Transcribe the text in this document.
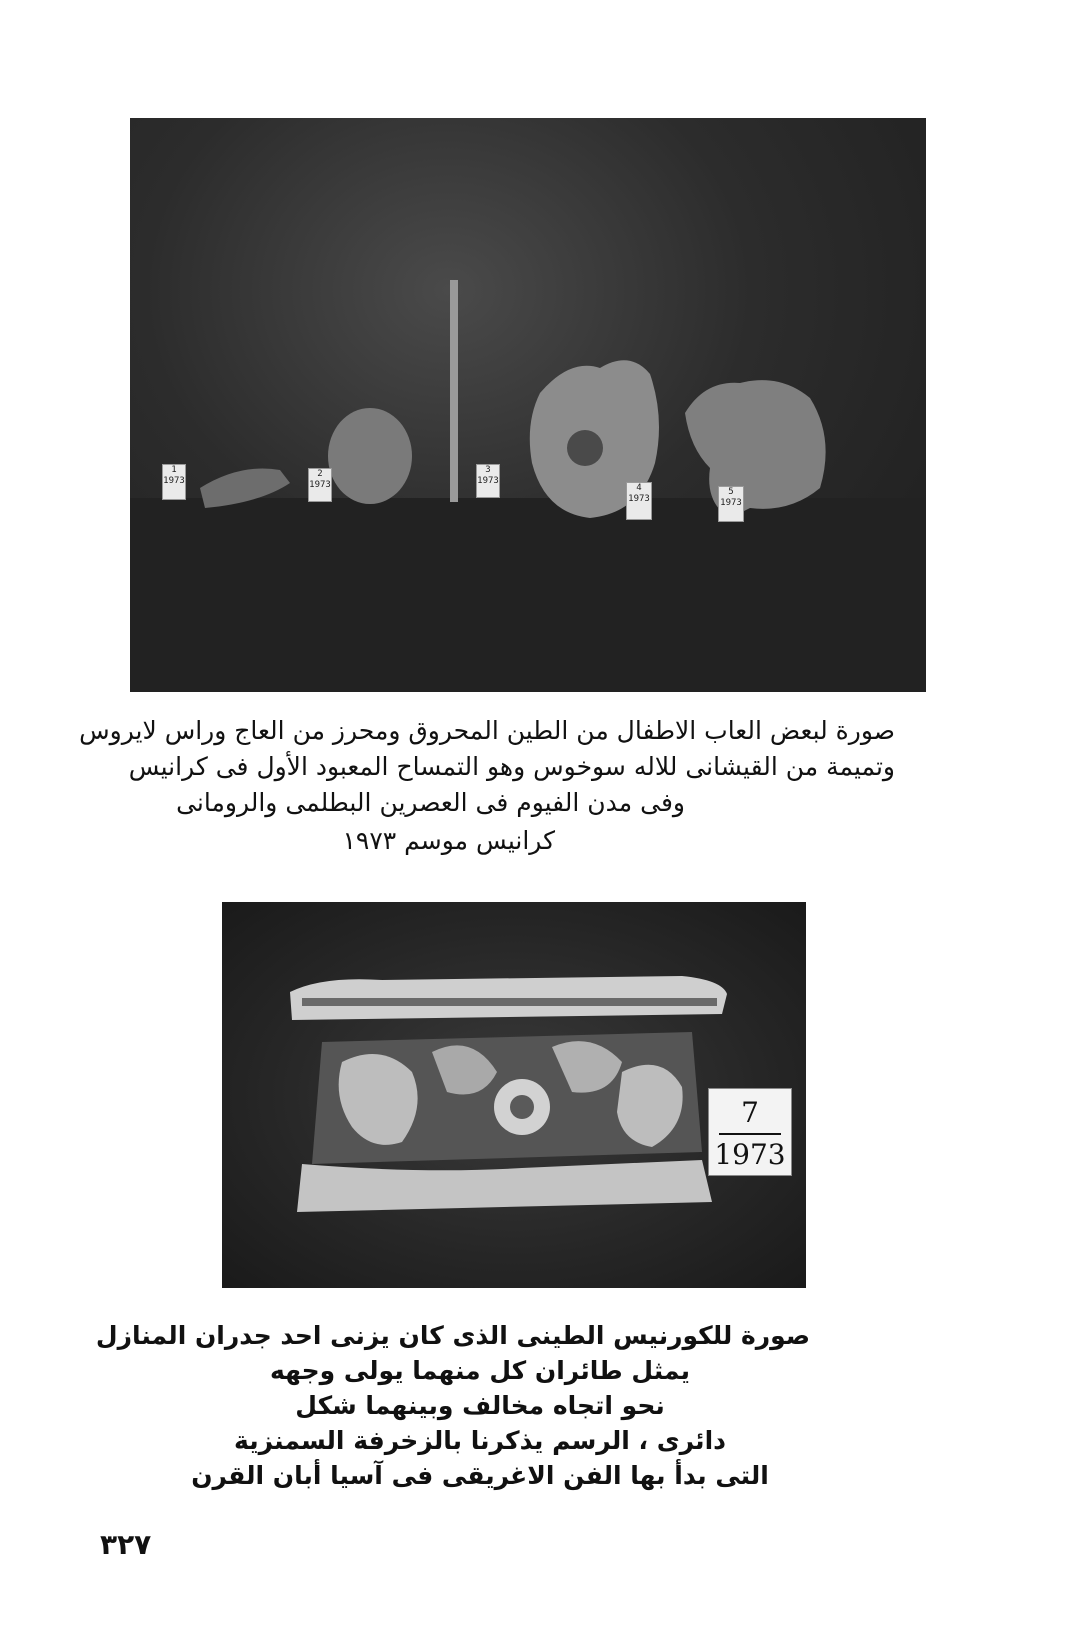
1
1973
2
1973
3
1973
4
1973
5
1973
صورة لبعض العاب الاطفال من الطين المحروق ومحرز من العاج وراس لايروس
وتميمة من القيشانى للاله سوخوس وهو التمساح المعبود الأول فى كرانيس
وفى مدن الفيوم فى العصرين البطلمى والرومانى
كرانيس موسم ١٩٧٣
7
1973
صورة للكورنيس الطينى الذى كان يزنى احد جدران المنازل
يمثل طائران كل منهما يولى وجهه
نحو اتجاه مخالف وبينهما شكل
دائرى ، الرسم يذكرنا بالزخرفة السمنزية
التى بدأ بها الفن الاغريقى فى آسيا أبان القرن
٣٢٧
